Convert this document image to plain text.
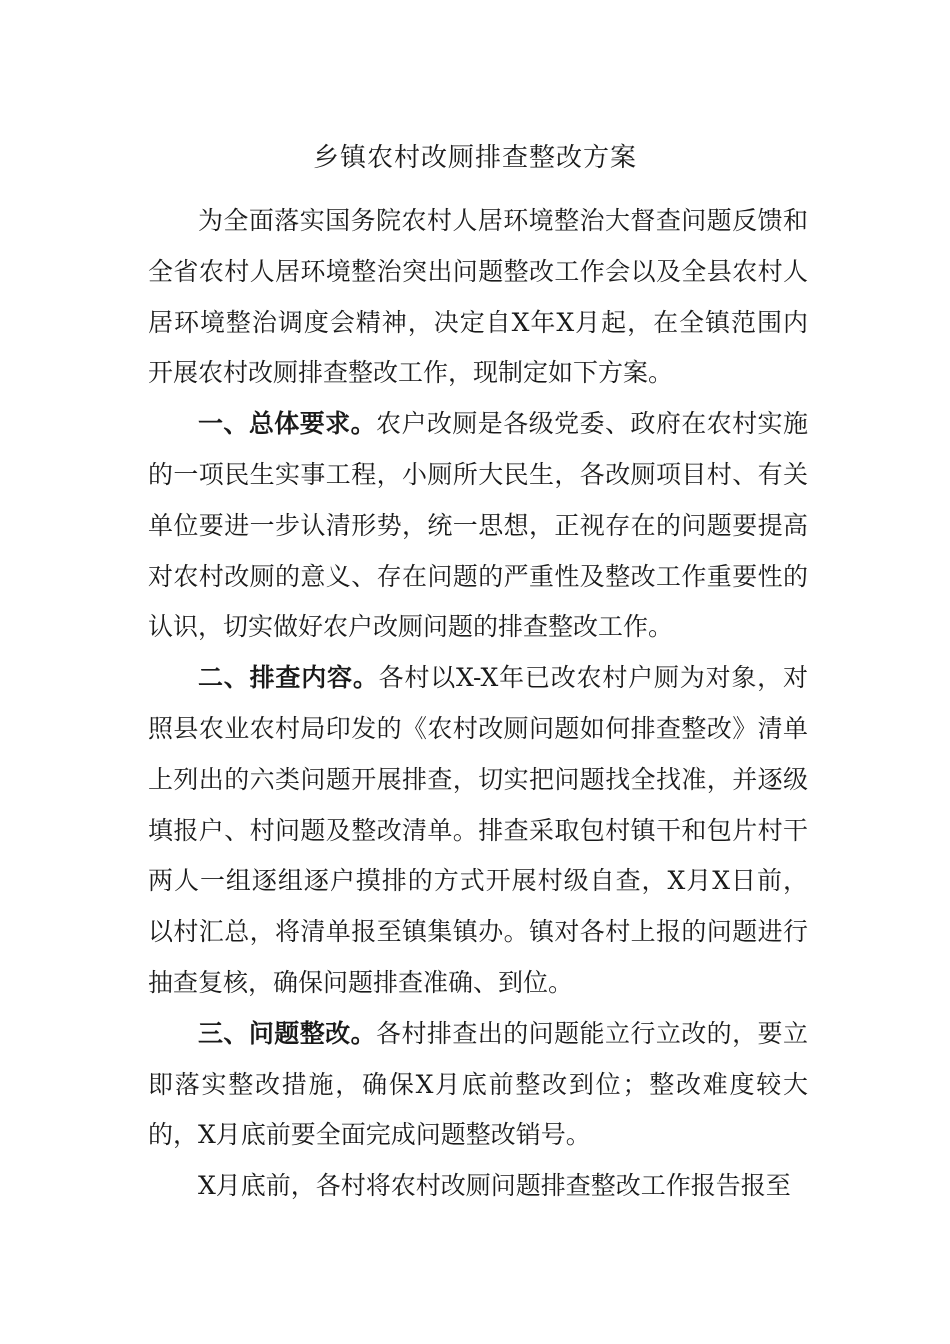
乡镇农村改厕排查整改方案

为全面落实国务院农村人居环境整治大督查问题反馈和全省农村人居环境整治突出问题整改工作会以及全县农村人居环境整治调度会精神，决定自X年X月起，在全镇范围内开展农村改厕排查整改工作，现制定如下方案。

一、总体要求。农户改厕是各级党委、政府在农村实施的一项民生实事工程，小厕所大民生，各改厕项目村、有关单位要进一步认清形势，统一思想，正视存在的问题要提高对农村改厕的意义、存在问题的严重性及整改工作重要性的认识，切实做好农户改厕问题的排查整改工作。

二、排查内容。各村以X-X年已改农村户厕为对象，对照县农业农村局印发的《农村改厕问题如何排查整改》清单上列出的六类问题开展排查，切实把问题找全找准，并逐级填报户、村问题及整改清单。排查采取包村镇干和包片村干两人一组逐组逐户摸排的方式开展村级自查，X月X日前，以村汇总，将清单报至镇集镇办。镇对各村上报的问题进行抽查复核，确保问题排查准确、到位。

三、问题整改。各村排查出的问题能立行立改的，要立即落实整改措施，确保X月底前整改到位；整改难度较大的，X月底前要全面完成问题整改销号。

X月底前，各村将农村改厕问题排查整改工作报告报至
